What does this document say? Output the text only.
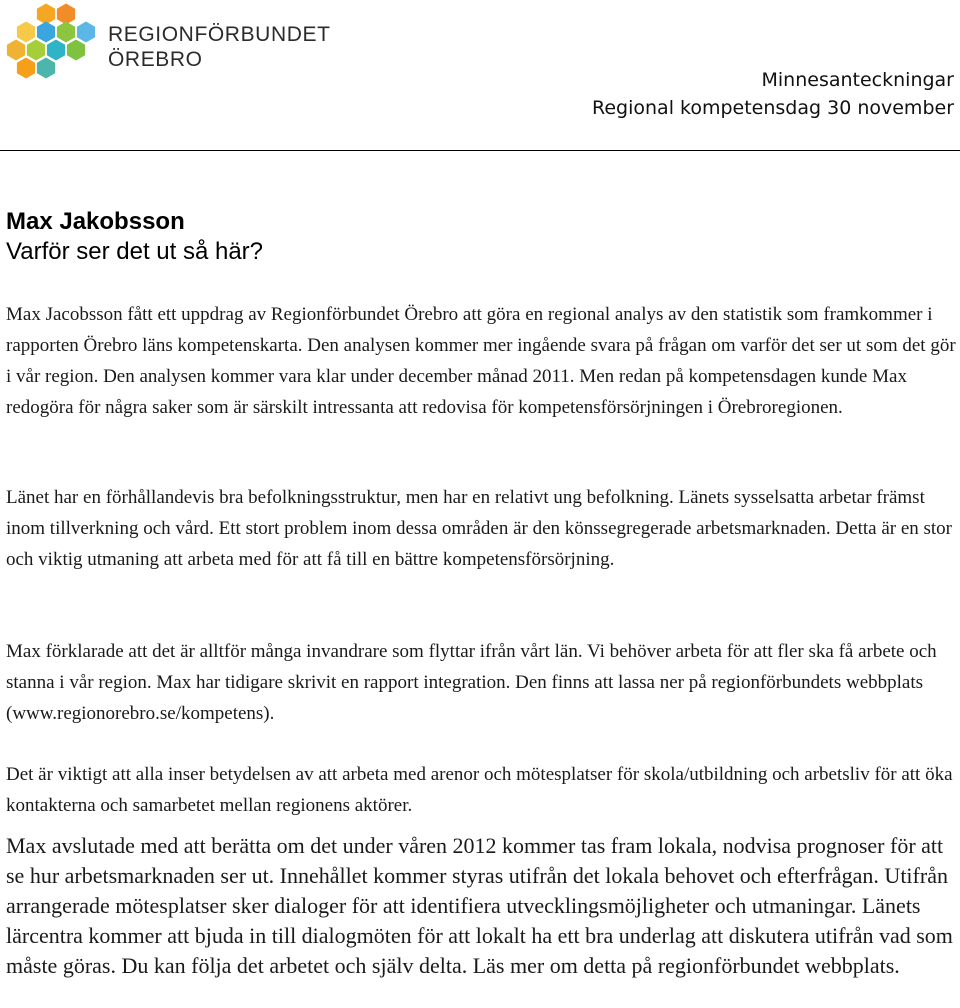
REGIONFÖRBUNDET
ÖREBRO
Minnesanteckningar
Regional kompetensdag 30 november
Max Jakobsson
Varför ser det ut så här?

Max Jacobsson fått ett uppdrag av Regionförbundet Örebro att göra en regional analys av den statistik som framkommer i rapporten Örebro läns kompetenskarta. Den analysen kommer mer ingående svara på frågan om varför det ser ut som det gör i vår region. Den analysen kommer vara klar under december månad 2011. Men redan på kompetensdagen kunde Max redogöra för några saker som är särskilt intressanta att redovisa för kompetensförsörjningen i Örebroregionen.

Länet har en förhållandevis bra befolkningsstruktur, men har en relativt ung befolkning. Länets sysselsatta arbetar främst inom tillverkning och vård. Ett stort problem inom dessa områden är den könssegregerade arbetsmarknaden. Detta är en stor och viktig utmaning att arbeta med för att få till en bättre kompetensförsörjning.

Max förklarade att det är alltför många invandrare som flyttar ifrån vårt län. Vi behöver arbeta för att fler ska få arbete och stanna i vår region. Max har tidigare skrivit en rapport integration. Den finns att lassa ner på regionförbundets webbplats (www.regionorebro.se/kompetens).

Det är viktigt att alla inser betydelsen av att arbeta med arenor och mötesplatser för skola/utbildning och arbetsliv för att öka kontakterna och samarbetet mellan regionens aktörer.

Max avslutade med att berätta om det under våren 2012 kommer tas fram lokala, nodvisa prognoser för att se hur arbetsmarknaden ser ut. Innehållet kommer styras utifrån det lokala behovet och efterfrågan. Utifrån arrangerade mötesplatser sker dialoger för att identifiera utvecklingsmöjligheter och utmaningar. Länets lärcentra kommer att bjuda in till dialogmöten för att lokalt ha ett bra underlag att diskutera utifrån vad som måste göras. Du kan följa det arbetet och själv delta. Läs mer om detta på regionförbundet webbplats.
